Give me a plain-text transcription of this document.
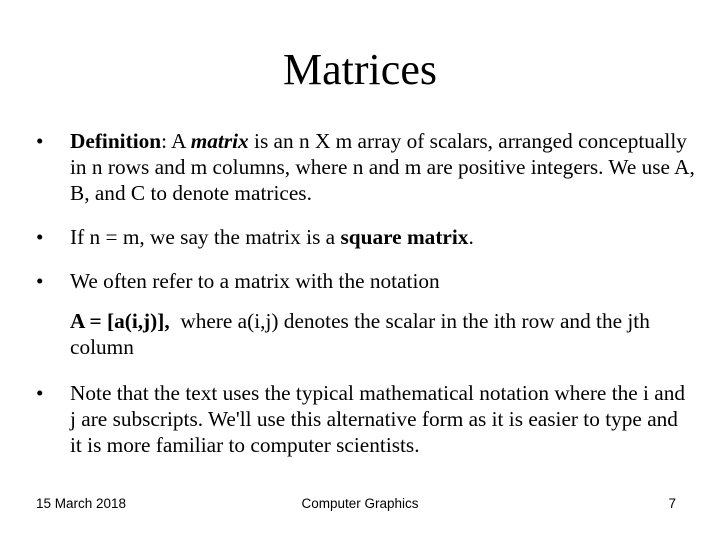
Matrices
• Definition: A matrix is an n X m array of scalars, arranged conceptually in n rows and m columns, where n and m are positive integers. We use A, B, and C to denote matrices.
• If n = m, we say the matrix is a square matrix.
• We often refer to a matrix with the notation
A = [a(i,j)],  where a(i,j) denotes the scalar in the ith row and the jth column
• Note that the text uses the typical mathematical notation where the i and j are subscripts. We'll use this alternative form as it is easier to type and it is more familiar to computer scientists.
15 March 2018	Computer Graphics	7
